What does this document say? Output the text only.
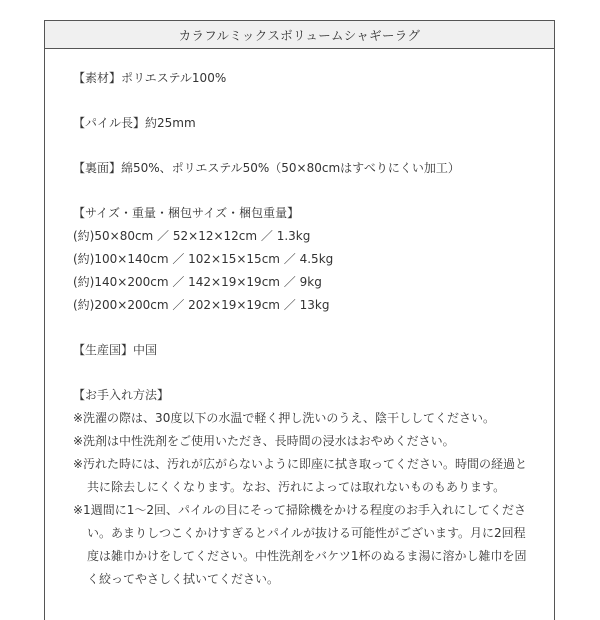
カラフルミックスボリュームシャギーラグ
【素材】ポリエステル100%
【パイル長】約25mm
【裏面】綿50%、ポリエステル50%（50×80cmはすべりにくい加工）
【サイズ・重量・梱包サイズ・梱包重量】
(約)50×80cm ／ 52×12×12cm ／ 1.3kg
(約)100×140cm ／ 102×15×15cm ／ 4.5kg
(約)140×200cm ／ 142×19×19cm ／ 9kg
(約)200×200cm ／ 202×19×19cm ／ 13kg
【生産国】中国
【お手入れ方法】
※洗濯の際は、30度以下の水温で軽く押し洗いのうえ、陰干ししてください。
※洗剤は中性洗剤をご使用いただき、長時間の浸水はおやめください。
※汚れた時には、汚れが広がらないように即座に拭き取ってください。時間の経過と共に除去しにくくなります。なお、汚れによっては取れないものもあります。
※1週間に1～2回、パイルの目にそって掃除機をかける程度のお手入れにしてください。あまりしつこくかけすぎるとパイルが抜ける可能性がございます。月に2回程度は雑巾かけをしてください。中性洗剤をバケツ1杯のぬるま湯に溶かし雑巾を固く絞ってやさしく拭いてください。
